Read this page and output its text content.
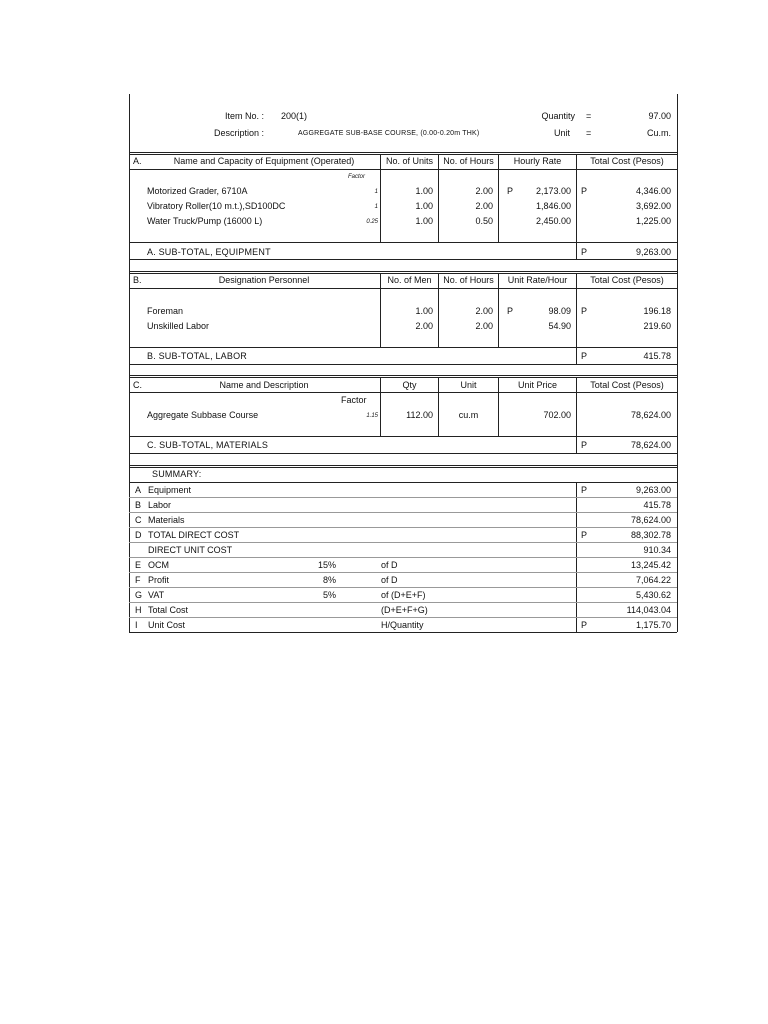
Item No. : 200(1)	Quantity =	97.00
Description :	AGGREGATE SUB-BASE COURSE, (0.00-0.20m THK)	Unit =	Cu.m.
A.	Name and Capacity of Equipment (Operated)	No. of Units	No. of Hours	Hourly Rate	Total Cost (Pesos)
Factor
Motorized Grader, 6710A	1	1.00	2.00 P	2,173.00 P	4,346.00
Vibratory Roller(10 m.t.),SD100DC	1	1.00	2.00	1,846.00	3,692.00
Water Truck/Pump (16000 L)	0.25	1.00	0.50	2,450.00	1,225.00
A. SUB-TOTAL, EQUIPMENT	P	9,263.00
B.	Designation Personnel	No. of Men	No. of Hours	Unit Rate/Hour	Total Cost (Pesos)
Foreman	1.00	2.00 P	98.09 P	196.18
Unskilled Labor	2.00	2.00	54.90	219.60
B. SUB-TOTAL, LABOR	P	415.78
C.	Name and Description	Qty	Unit	Unit Price	Total Cost (Pesos)
Factor
Aggregate Subbase Course	1.15	112.00	cu.m	702.00	78,624.00
C. SUB-TOTAL, MATERIALS	P	78,624.00
SUMMARY:
A Equipment	P	9,263.00
B Labor	415.78
C Materials	78,624.00
D TOTAL DIRECT COST	P	88,302.78
DIRECT UNIT COST	910.34
E OCM	15%	of D	13,245.42
F Profit	8%	of D	7,064.22
G VAT	5%	of (D+E+F)	5,430.62
H Total Cost	(D+E+F+G)	114,043.04
I Unit Cost	H/Quantity	P	1,175.70
